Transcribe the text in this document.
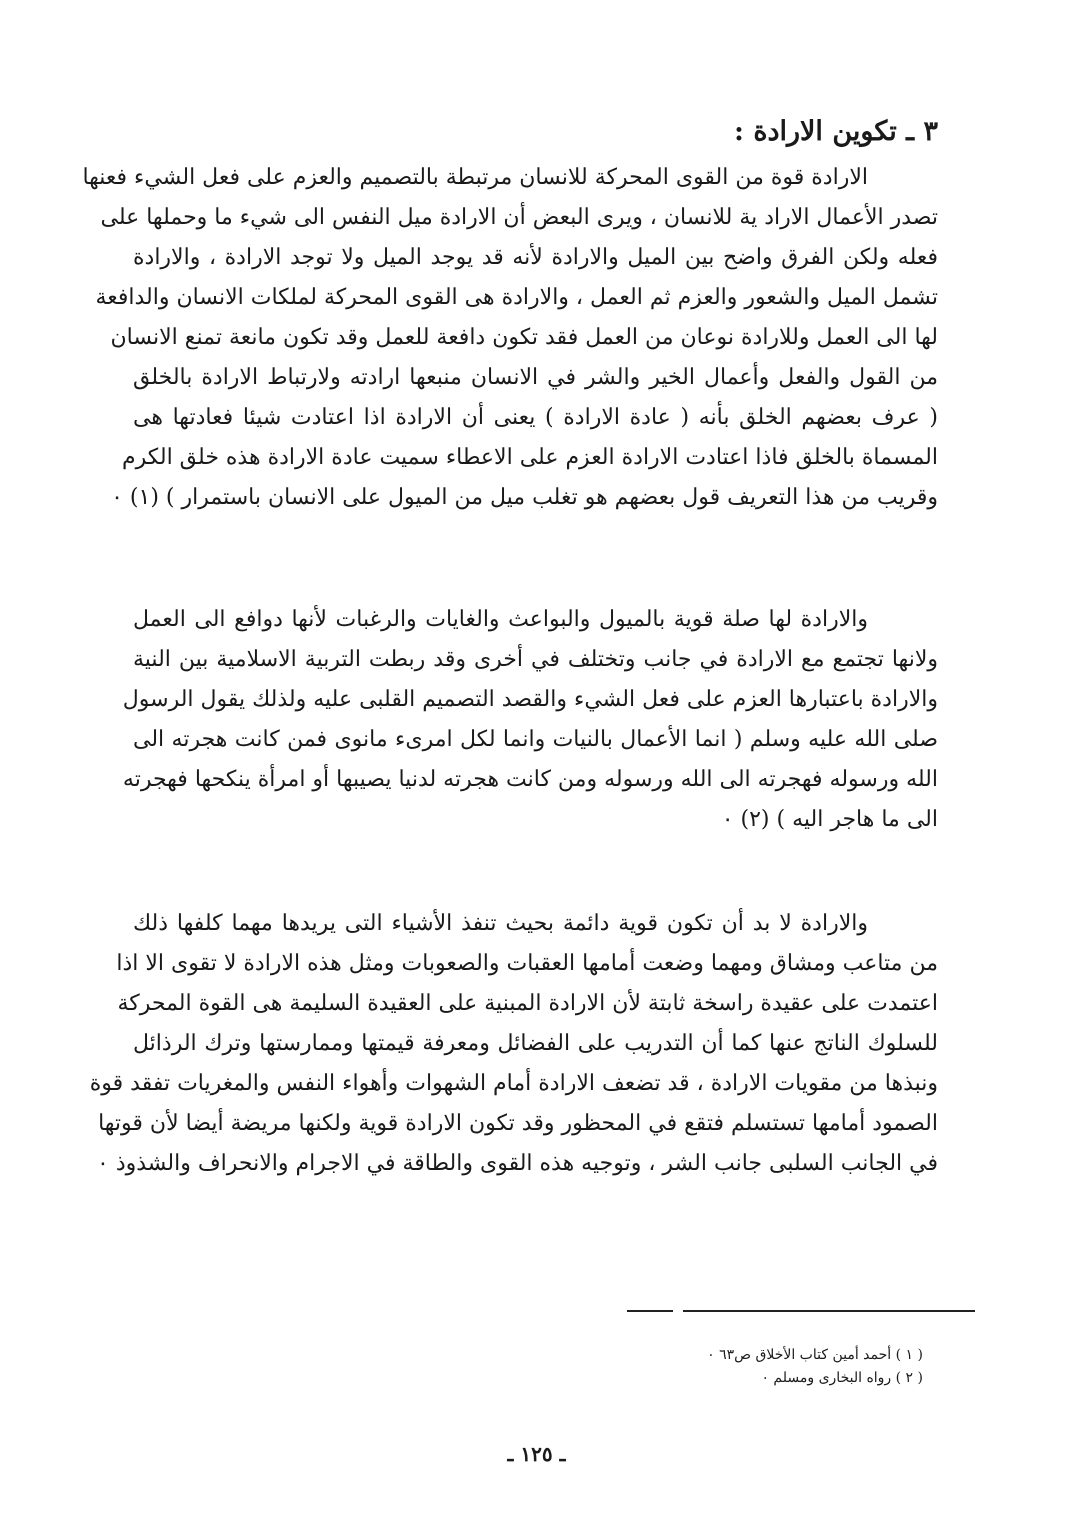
٣ ـ تكوين الارادة :

الارادة قوة من القوى المحركة للانسان مرتبطة بالتصميم والعزم على فعل الشيء فعنها
تصدر الأعمال الاراد ية للانسان ، ويرى البعض أن الارادة ميل النفس الى شيء ما وحملها على
فعله ولكن الفرق واضح بين الميل والارادة لأنه قد يوجد الميل ولا توجد الارادة ، والارادة
تشمل الميل والشعور والعزم ثم العمل ، والارادة هى القوى المحركة لملكات الانسان والدافعة
لها الى العمل وللارادة نوعان من العمل فقد تكون دافعة للعمل وقد تكون مانعة تمنع الانسان
من القول والفعل وأعمال الخير والشر في الانسان منبعها ارادته ولارتباط الارادة بالخلق
( عرف بعضهم الخلق بأنه ( عادة الارادة ) يعنى أن الارادة اذا اعتادت شيئا فعادتها هى
المسماة بالخلق فاذا اعتادت الارادة العزم على الاعطاء سميت عادة الارادة هذه خلق الكرم
وقريب من هذا التعريف قول بعضهم هو تغلب ميل من الميول على الانسان باستمرار ) (١) ٠

والارادة لها صلة قوية بالميول والبواعث والغايات والرغبات لأنها دوافع الى العمل
ولانها تجتمع مع الارادة في جانب وتختلف في أخرى وقد ربطت التربية الاسلامية بين النية
والارادة باعتبارها العزم على فعل الشيء والقصد التصميم القلبى عليه ولذلك يقول الرسول
صلى الله عليه وسلم ( انما الأعمال بالنيات وانما لكل امرىء مانوى فمن كانت هجرته الى
الله ورسوله فهجرته الى الله ورسوله ومن كانت هجرته لدنيا يصيبها أو امرأة ينكحها فهجرته
الى ما هاجر اليه ) (٢) ٠

والارادة لا بد أن تكون قوية دائمة بحيث تنفذ الأشياء التى يريدها مهما كلفها ذلك
من متاعب ومشاق ومهما وضعت أمامها العقبات والصعوبات ومثل هذه الارادة لا تقوى الا اذا
اعتمدت على عقيدة راسخة ثابتة لأن الارادة المبنية على العقيدة السليمة هى القوة المحركة
للسلوك الناتج عنها كما أن التدريب على الفضائل ومعرفة قيمتها وممارستها وترك الرذائل
ونبذها من مقويات الارادة ، قد تضعف الارادة أمام الشهوات وأهواء النفس والمغريات تفقد قوة
الصمود أمامها تستسلم فتقع في المحظور وقد تكون الارادة قوية ولكنها مريضة أيضا لأن قوتها
في الجانب السلبى جانب الشر ، وتوجيه هذه القوى والطاقة في الاجرام والانحراف والشذوذ ٠

( ١ ) أحمد أمين كتاب الأخلاق ص٦٣ ٠
( ٢ ) رواه البخارى ومسلم ٠

ـ ١٢٥ ـ
